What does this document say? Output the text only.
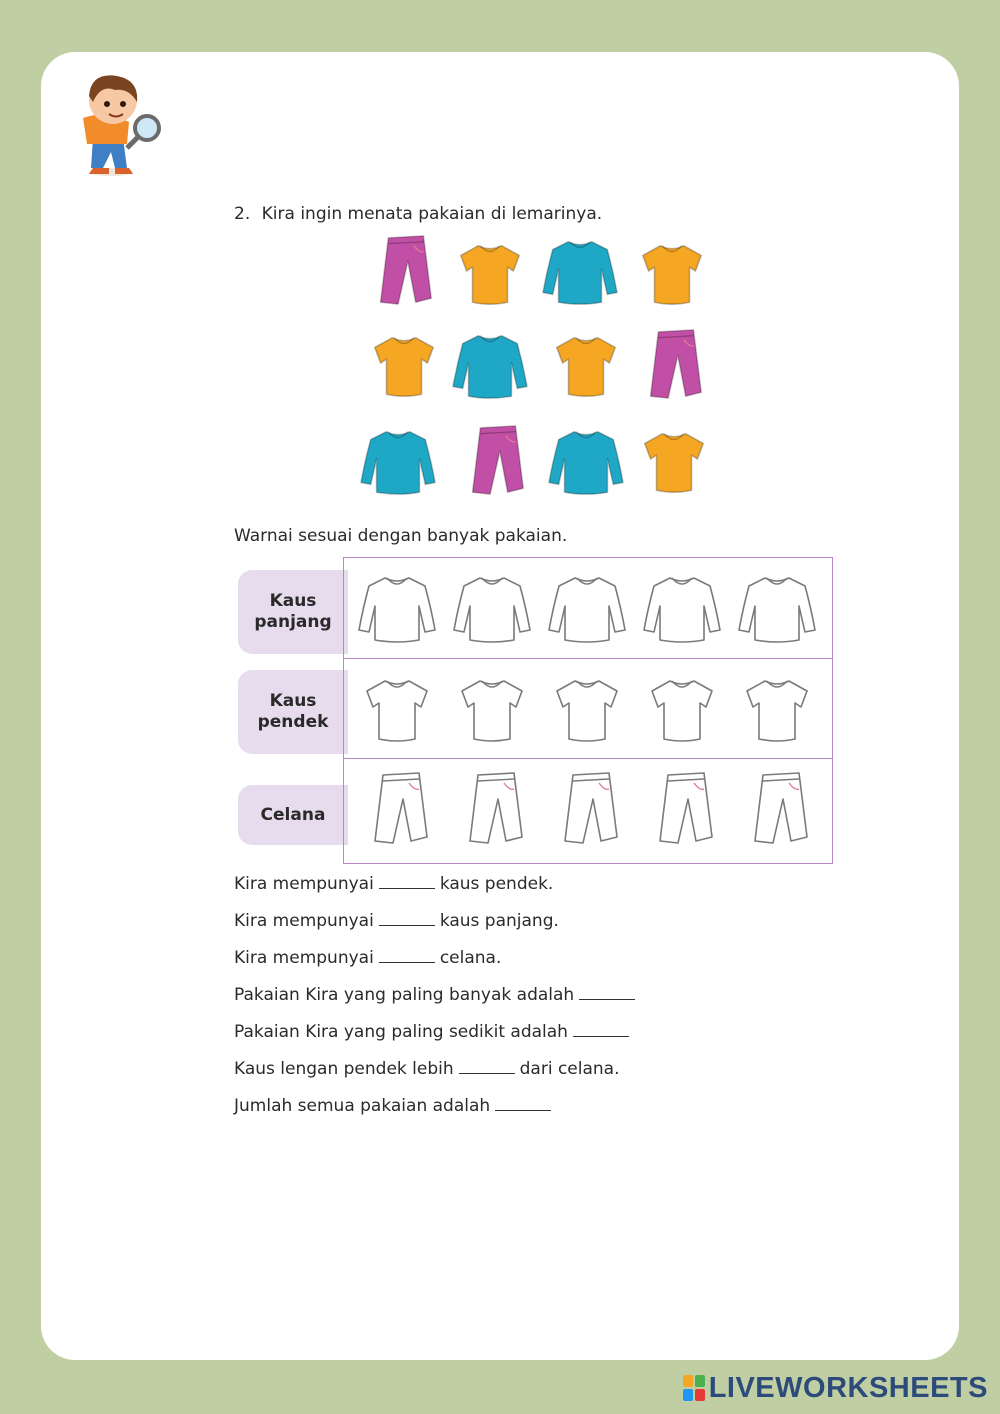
2. Kira ingin menata pakaian di lemarinya.
Warnai sesuai dengan banyak pakaian.
Kaus panjang
Kaus pendek
Celana
Kira mempunyai	kaus pendek.
Kira mempunyai	kaus panjang.
Kira mempunyai	celana.
Pakaian Kira yang paling banyak adalah
Pakaian Kira yang paling sedikit adalah
Kaus lengan pendek lebih	dari celana.
Jumlah semua pakaian adalah
LIVEWORKSHEETS
